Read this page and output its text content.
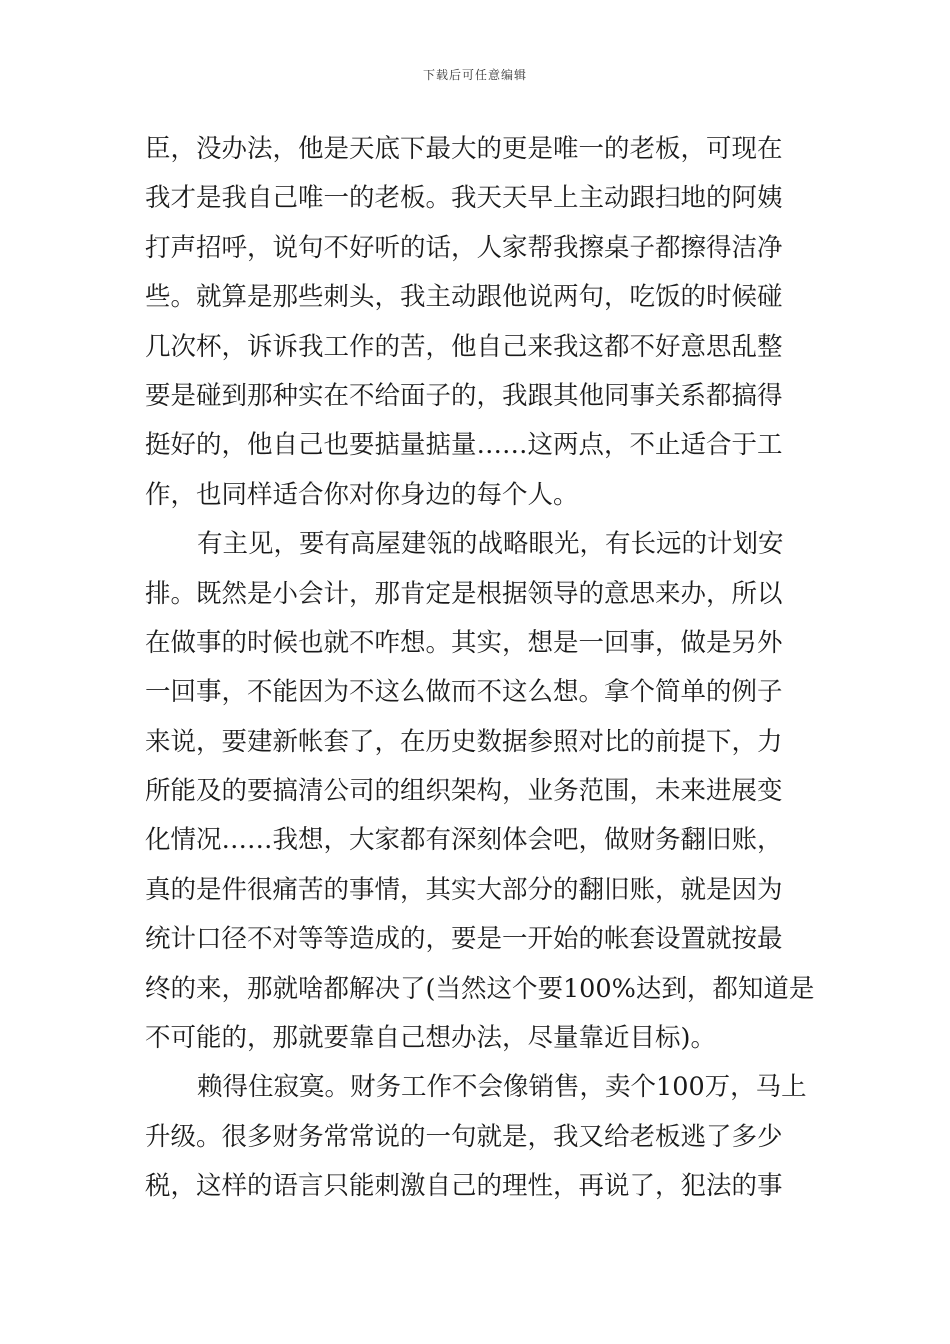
下载后可任意编辑
臣，没办法，他是天底下最大的更是唯一的老板，可现在
我才是我自己唯一的老板。我天天早上主动跟扫地的阿姨
打声招呼，说句不好听的话，人家帮我擦桌子都擦得洁净
些。就算是那些刺头，我主动跟他说两句，吃饭的时候碰
几次杯，诉诉我工作的苦，他自己来我这都不好意思乱整
要是碰到那种实在不给面子的，我跟其他同事关系都搞得
挺好的，他自己也要掂量掂量……这两点，不止适合于工
作，也同样适合你对你身边的每个人。
有主见，要有高屋建瓴的战略眼光，有长远的计划安
排。既然是小会计，那肯定是根据领导的意思来办，所以
在做事的时候也就不咋想。其实，想是一回事，做是另外
一回事，不能因为不这么做而不这么想。拿个简单的例子
来说，要建新帐套了，在历史数据参照对比的前提下，力
所能及的要搞清公司的组织架构，业务范围，未来进展变
化情况……我想，大家都有深刻体会吧，做财务翻旧账，
真的是件很痛苦的事情，其实大部分的翻旧账，就是因为
统计口径不对等等造成的，要是一开始的帐套设置就按最
终的来，那就啥都解决了(当然这个要100%达到，都知道是
不可能的，那就要靠自己想办法，尽量靠近目标)。
赖得住寂寞。财务工作不会像销售，卖个100万，马上
升级。很多财务常常说的一句就是，我又给老板逃了多少
税，这样的语言只能刺激自己的理性，再说了，犯法的事
